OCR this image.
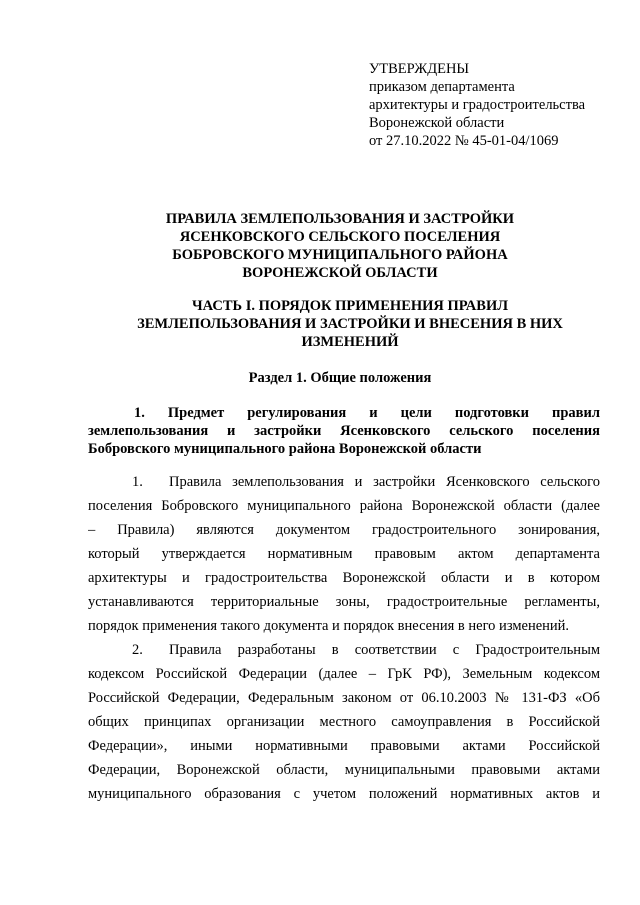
УТВЕРЖДЕНЫ
приказом департамента
архитектуры и градостроительства
Воронежской области
от 27.10.2022 № 45-01-04/1069
ПРАВИЛА ЗЕМЛЕПОЛЬЗОВАНИЯ И ЗАСТРОЙКИ
ЯСЕНКОВСКОГО СЕЛЬСКОГО ПОСЕЛЕНИЯ
БОБРОВСКОГО МУНИЦИПАЛЬНОГО РАЙОНА
ВОРОНЕЖСКОЙ ОБЛАСТИ
ЧАСТЬ I. ПОРЯДОК ПРИМЕНЕНИЯ ПРАВИЛ
ЗЕМЛЕПОЛЬЗОВАНИЯ И ЗАСТРОЙКИ И ВНЕСЕНИЯ В НИХ
ИЗМЕНЕНИЙ
Раздел 1. Общие положения
1. Предмет регулирования и цели подготовки правил
землепользования и застройки Ясенковского сельского поселения
Бобровского муниципального района Воронежской области
1. Правила землепользования и застройки Ясенковского сельского
поселения Бобровского муниципального района Воронежской области (далее
– Правила) являются документом градостроительного зонирования,
который утверждается нормативным правовым актом департамента
архитектуры и градостроительства Воронежской области и в котором
устанавливаются территориальные зоны, градостроительные регламенты,
порядок применения такого документа и порядок внесения в него изменений.
2. Правила разработаны в соответствии с Градостроительным
кодексом Российской Федерации (далее – ГрК РФ), Земельным кодексом
Российской Федерации, Федеральным законом от 06.10.2003 № 131-ФЗ «Об
общих принципах организации местного самоуправления в Российской
Федерации», иными нормативными правовыми актами Российской
Федерации, Воронежской области, муниципальными правовыми актами
муниципального образования с учетом положений нормативных актов и
